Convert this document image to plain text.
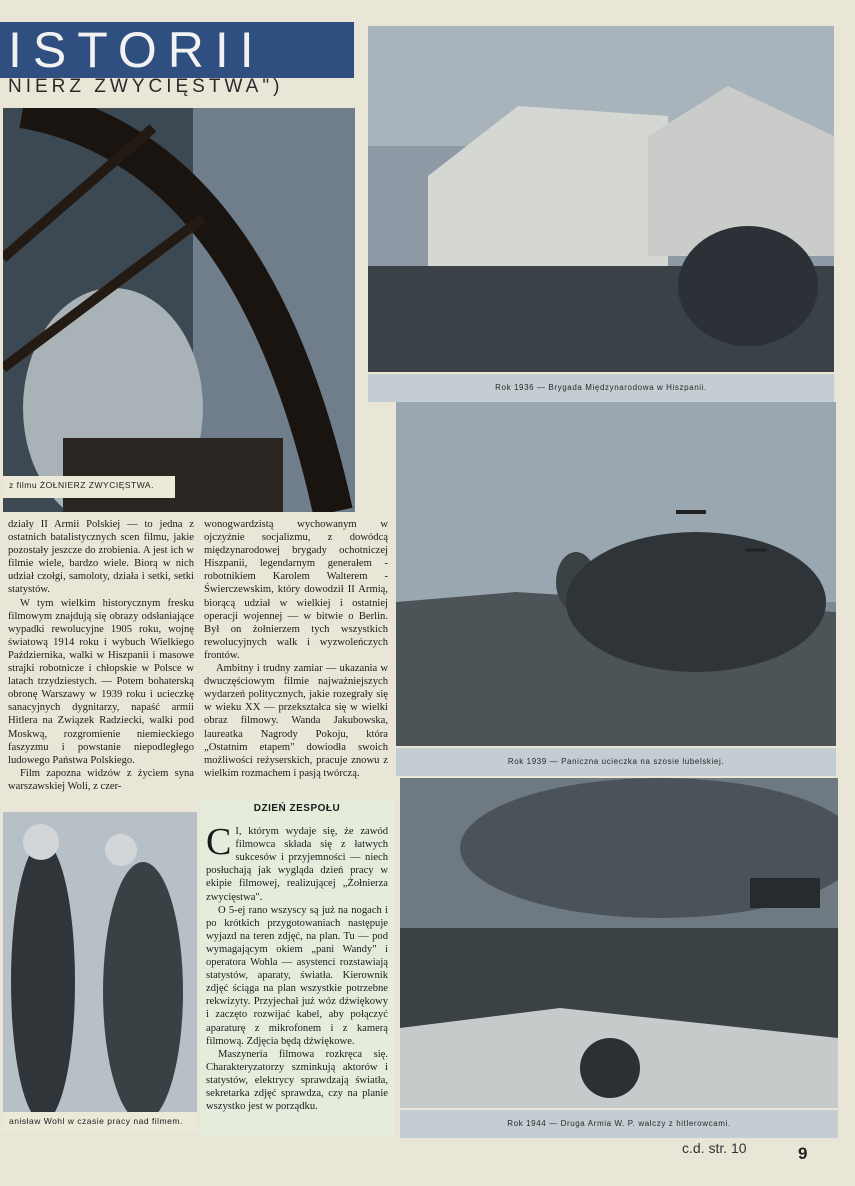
ISTORII
NIERZ ZWYCIĘSTWA")
z filmu ŻOŁNIERZ ZWYCIĘSTWA.
Rok 1936 — Brygada Międzynarodowa w Hiszpanii.
Rok 1939 — Paniczna ucieczka na szosie lubelskiej.
anisław Wohl w czasie pracy nad filmem.	Rok 1944 — Druga Armia W. P. walczy z hitlerowcami.

działy II Armii Polskiej — to jedna z ostatnich batalistycznych scen filmu, jakie pozostały jeszcze do zrobienia. A jest ich w filmie wiele, bardzo wiele. Biorą w nich udział czołgi, samoloty, działa i setki, setki statystów.

W tym wielkim historycznym fresku filmowym znajdują się obrazy odsłaniające wypadki rewolucyjne 1905 roku, wojnę światową 1914 roku i wybuch Wielkiego Października, walki w Hiszpanii i masowe strajki robotnicze i chłopskie w Polsce w latach trzydziestych. — Potem bohaterską obronę Warszawy w 1939 roku i ucieczkę sanacyjnych dygnitarzy, napaść armii Hitlera na Związek Radziecki, walki pod Moskwą, rozgromienie niemieckiego faszyzmu i powstanie niepodległego ludowego Państwa Polskiego.

Film zapozna widzów z życiem syna warszawskiej Woli, z czer-

wonogwardzistą wychowanym w ojczyźnie socjalizmu, z dowódcą międzynarodowej brygady ochotniczej Hiszpanii, legendarnym generałem - robotnikiem Karolem Walterem - Świerczewskim, który dowodził II Armią, biorącą udział w wielkiej i ostatniej operacji wojennej — w bitwie o Berlin. Był on żołnierzem tych wszystkich rewolucyjnych walk i wyzwoleńczych frontów.

Ambitny i trudny zamiar — ukazania w dwuczęściowym filmie najważniejszych wydarzeń politycznych, jakie rozegrały się w wieku XX — przekształca się w wielki obraz filmowy. Wanda Jakubowska, laureatka Nagrody Pokoju, która „Ostatnim etapem" dowiodła swoich możliwości reżyserskich, pracuje znowu z wielkim rozmachem i pasją twórczą.

DZIEŃ ZESPOŁU

C I, którym wydaje się, że zawód filmowca składa się z łatwych sukcesów i przyjemności — niech posłuchają jak wygląda dzień pracy w ekipie filmowej, realizującej „Żołnierza zwycięstwa".

O 5-ej rano wszyscy są już na nogach i po krótkich przygotowaniach następuje wyjazd na teren zdjęć, na plan. Tu — pod wymagającym okiem „pani Wandy" i operatora Wohla — asystenci rozstawiają statystów, aparaty, światła. Kierownik zdjęć ściąga na plan wszystkie potrzebne rekwizyty. Przyjechał już wóz dźwiękowy i zaczęto rozwijać kabel, aby połączyć aparaturę z mikrofonem i z kamerą filmową. Zdjęcia będą dźwiękowe.

Maszyneria filmowa rozkręca się. Charakteryzatorzy szminkują aktorów i statystów, elektrycy sprawdzają światła, sekretarka zdjęć sprawdza, czy na planie wszystko jest w porządku.

c.d. str. 10	9
